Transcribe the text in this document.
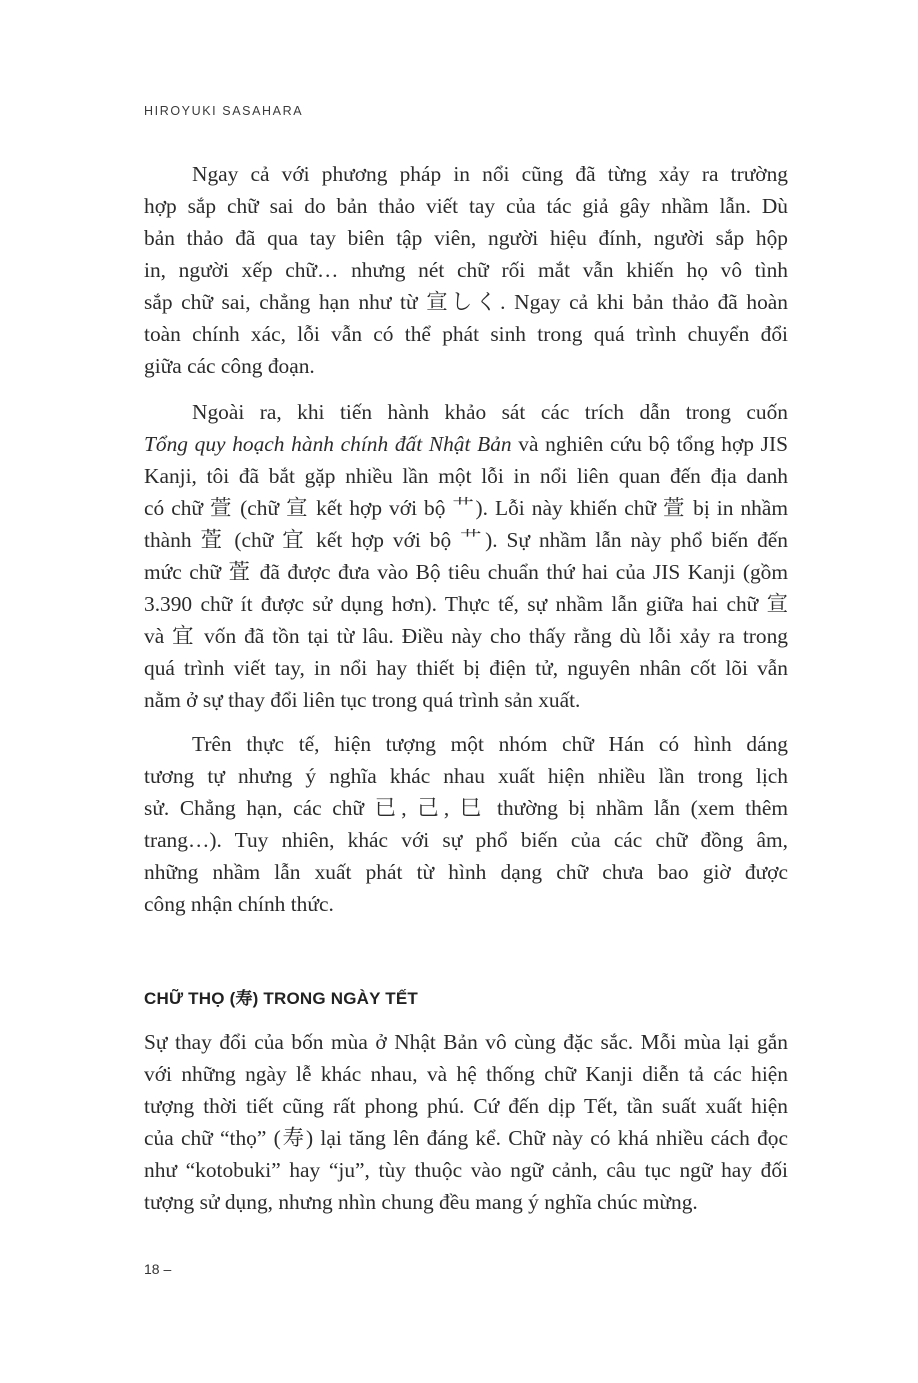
HIROYUKI SASAHARA
Ngay cả với phương pháp in nổi cũng đã từng xảy ra trường
hợp sắp chữ sai do bản thảo viết tay của tác giả gây nhầm lẫn. Dù
bản thảo đã qua tay biên tập viên, người hiệu đính, người sắp hộp
in, người xếp chữ… nhưng nét chữ rối mắt vẫn khiến họ vô tình
sắp chữ sai, chẳng hạn như từ 宣しく. Ngay cả khi bản thảo đã hoàn
toàn chính xác, lỗi vẫn có thể phát sinh trong quá trình chuyển đổi
giữa các công đoạn.
Ngoài ra, khi tiến hành khảo sát các trích dẫn trong cuốn
Tổng quy hoạch hành chính đất Nhật Bản và nghiên cứu bộ tổng hợp JIS
Kanji, tôi đã bắt gặp nhiều lần một lỗi in nổi liên quan đến địa danh
có chữ 萱 (chữ 宣 kết hợp với bộ 艹). Lỗi này khiến chữ 萱 bị in nhầm
thành 萓 (chữ 宜 kết hợp với bộ 艹). Sự nhầm lẫn này phổ biến đến
mức chữ 萓 đã được đưa vào Bộ tiêu chuẩn thứ hai của JIS Kanji (gồm
3.390 chữ ít được sử dụng hơn). Thực tế, sự nhầm lẫn giữa hai chữ 宣
và 宜 vốn đã tồn tại từ lâu. Điều này cho thấy rằng dù lỗi xảy ra trong
quá trình viết tay, in nổi hay thiết bị điện tử, nguyên nhân cốt lõi vẫn
nằm ở sự thay đổi liên tục trong quá trình sản xuất.
Trên thực tế, hiện tượng một nhóm chữ Hán có hình dáng
tương tự nhưng ý nghĩa khác nhau xuất hiện nhiều lần trong lịch
sử. Chẳng hạn, các chữ 已, 己, 巳 thường bị nhầm lẫn (xem thêm
trang…). Tuy nhiên, khác với sự phổ biến của các chữ đồng âm,
những nhầm lẫn xuất phát từ hình dạng chữ chưa bao giờ được
công nhận chính thức.
CHỮ THỌ (寿) TRONG NGÀY TẾT
Sự thay đổi của bốn mùa ở Nhật Bản vô cùng đặc sắc. Mỗi mùa lại gắn
với những ngày lễ khác nhau, và hệ thống chữ Kanji diễn tả các hiện
tượng thời tiết cũng rất phong phú. Cứ đến dịp Tết, tần suất xuất hiện
của chữ “thọ” (寿) lại tăng lên đáng kể. Chữ này có khá nhiều cách đọc
như “kotobuki” hay “ju”, tùy thuộc vào ngữ cảnh, câu tục ngữ hay đối
tượng sử dụng, nhưng nhìn chung đều mang ý nghĩa chúc mừng.
18 –
